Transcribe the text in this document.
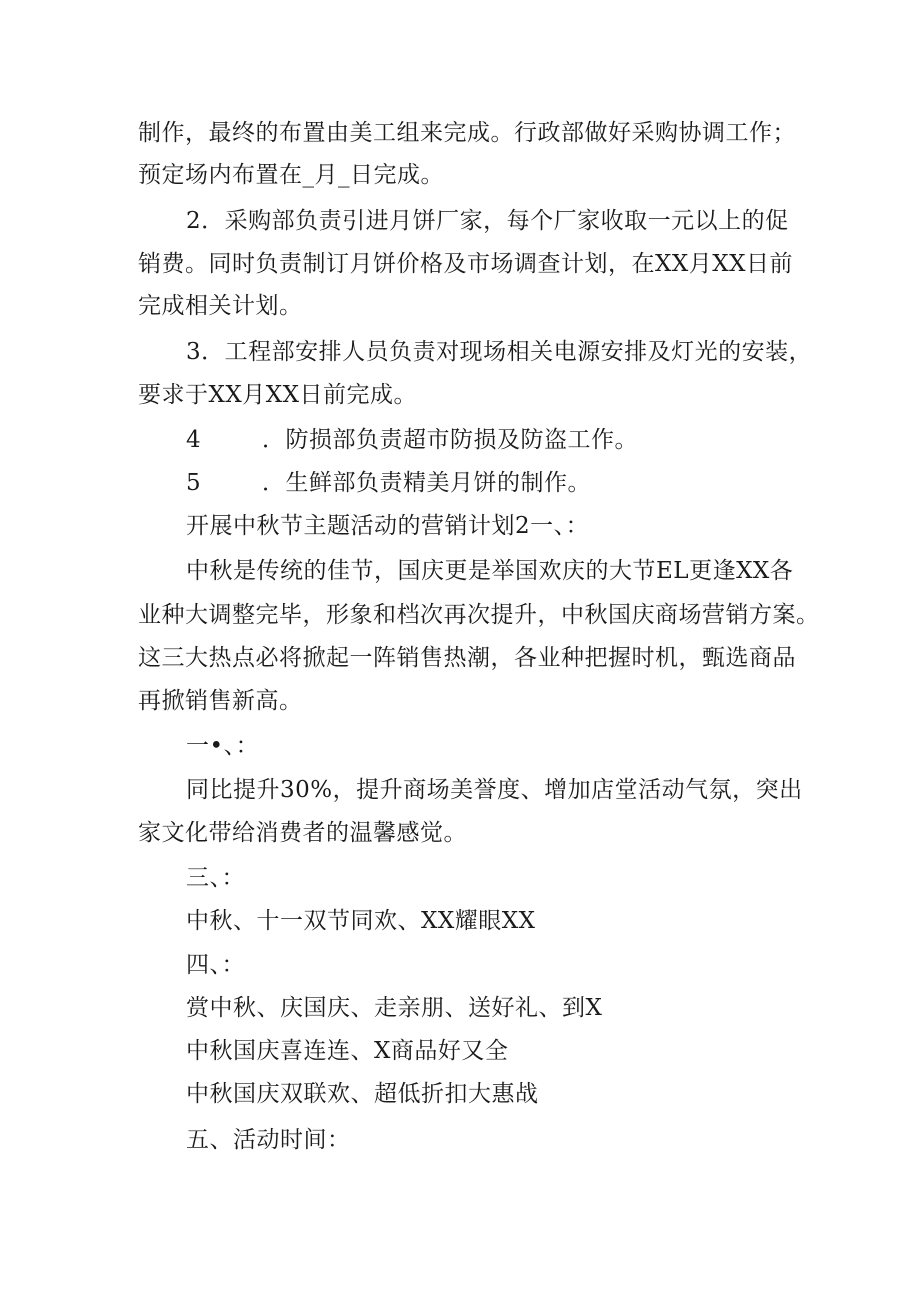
制作，最终的布置由美工组来完成。行政部做好采购协调工作；
预定场内布置在_月_日完成。
2．采购部负责引进月饼厂家，每个厂家收取一元以上的促
销费。同时负责制订月饼价格及市场调查计划，在XX月XX日前
完成相关计划。
3．工程部安排人员负责对现场相关电源安排及灯光的安装，
要求于XX月XX日前完成。
4	．防损部负责超市防损及防盗工作。
5	．生鲜部负责精美月饼的制作。
开展中秋节主题活动的营销计划2一、：
中秋是传统的佳节，国庆更是举国欢庆的大节EL更逢XX各
业种大调整完毕，形象和档次再次提升，中秋国庆商场营销方案。
这三大热点必将掀起一阵销售热潮，各业种把握时机，甄选商品
再掀销售新高。
一•、：
同比提升30%，提升商场美誉度、增加店堂活动气氛，突出
家文化带给消费者的温馨感觉。
三、：
中秋、十一双节同欢、XX耀眼XX
四、：
赏中秋、庆国庆、走亲朋、送好礼、到X
中秋国庆喜连连、X商品好又全
中秋国庆双联欢、超低折扣大惠战
五、活动时间：
